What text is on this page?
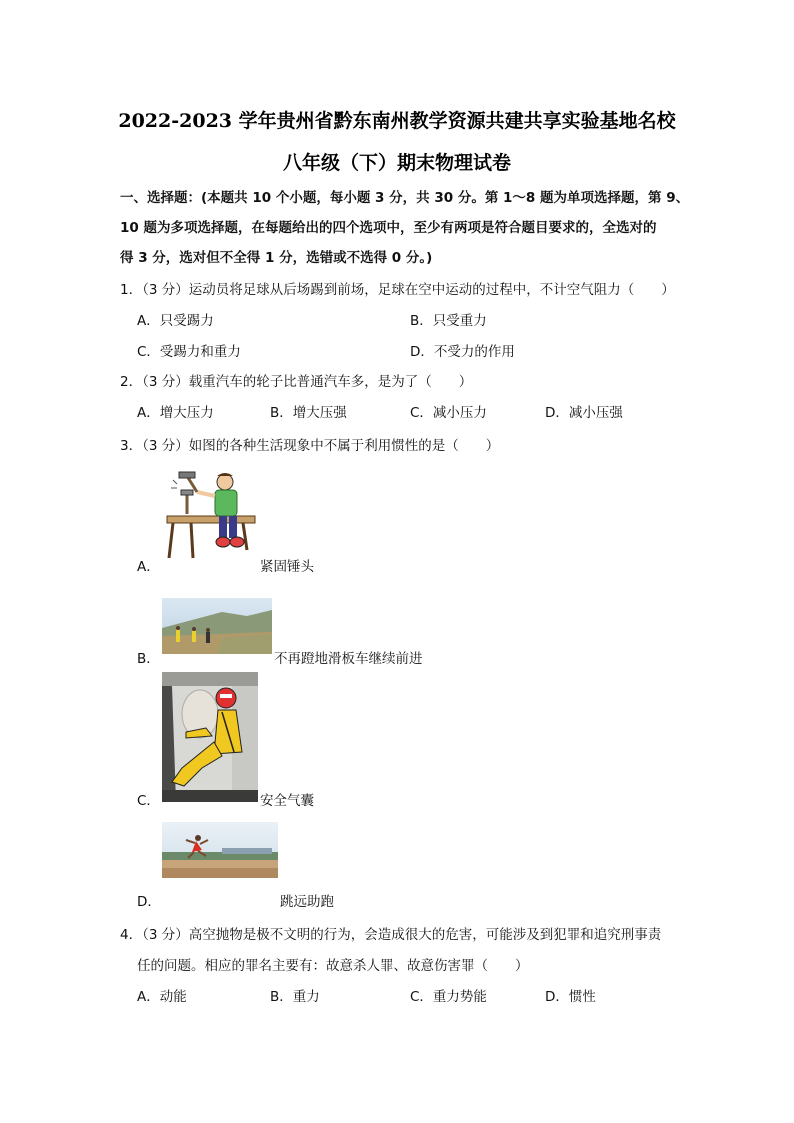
2022-2023 学年贵州省黔东南州教学资源共建共享实验基地名校
八年级（下）期末物理试卷
一、选择题：(本题共 10 个小题，每小题 3 分，共 30 分。第 1～8 题为单项选择题，第 9、
10 题为多项选择题，在每题给出的四个选项中，至少有两项是符合题目要求的，全选对的
得 3 分，选对但不全得 1 分，选错或不选得 0 分。)
1．（3 分）运动员将足球从后场踢到前场，足球在空中运动的过程中，不计空气阻力（　　）
A．只受踢力	B．只受重力
C．受踢力和重力	D．不受力的作用
2．（3 分）载重汽车的轮子比普通汽车多，是为了（　　）
A．增大压力	B．增大压强	C．减小压力	D．减小压强
3．（3 分）如图的各种生活现象中不属于利用惯性的是（　　）
A．	紧固锤头
B．	不再蹬地滑板车继续前进
C．	安全气囊
D．	跳远助跑
4．（3 分）高空抛物是极不文明的行为，会造成很大的危害，可能涉及到犯罪和追究刑事责
任的问题。相应的罪名主要有：故意杀人罪、故意伤害罪（　　）
A．动能	B．重力	C．重力势能	D．惯性
